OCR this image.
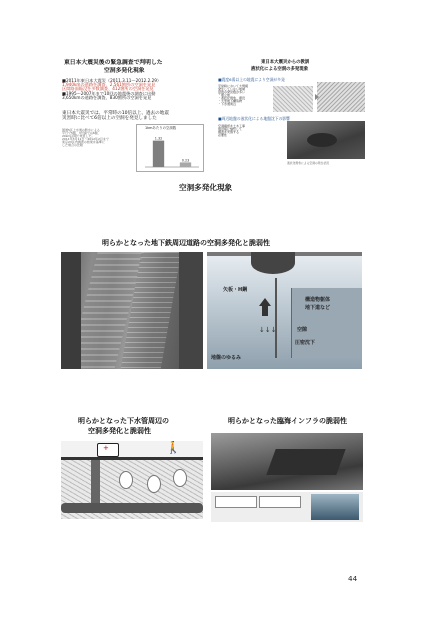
東日本大震災後の緊急調査で判明した
空洞多発化現象
■2011年東日本大震災（2011.3.11〜2012.2.29）
1,940kmの道路を調査、2,561箇所の空洞を発見
区間路面陥没を多数調査、412箇所の空洞を発見
■1995〜2007年まで10回の地震後の調査に出動
3,650kmの道路を調査、830箇所の空洞を発見
東日本大震災では、平常時の10倍以上、過去の地震
災害時に比べて6倍以上の空洞を発見しました
国道5区上水道の断水による
平日で5割、3号線では6割、
20km区間で発見した。
2011年3月11日〜2012年2月まで
東京23区内調査の結果を基準に
した場合の比較
1kmあたりの空洞数
1.32
0.23
東日本大震災からの教訓
液状化による空洞の多発現象
■震度6弱以上の地震により空洞が多発
平常時において大規模
発生していない地域
量的の発見数が多い
・埋立地
・液状化現象、埋没
・大型地下構造物
・下水道周辺
■周辺地盤の液状化による地盤沈下の影響
空洞確認を土木工事
復旧後に継続して
調査を実施する
必要性
液状化現象による空洞の発生状況
空洞多発化現象
明らかとなった地下鉄周辺道路の空洞多発化と脆弱性
↓↓↓
矢板・H鋼
構造物躯体
地下道など
空隙
圧密沈下
地盤のゆるみ
明らかとなった下水管周辺の
空洞多発化と脆弱性
+	🚶
明らかとなった臨海インフラの脆弱性
44
